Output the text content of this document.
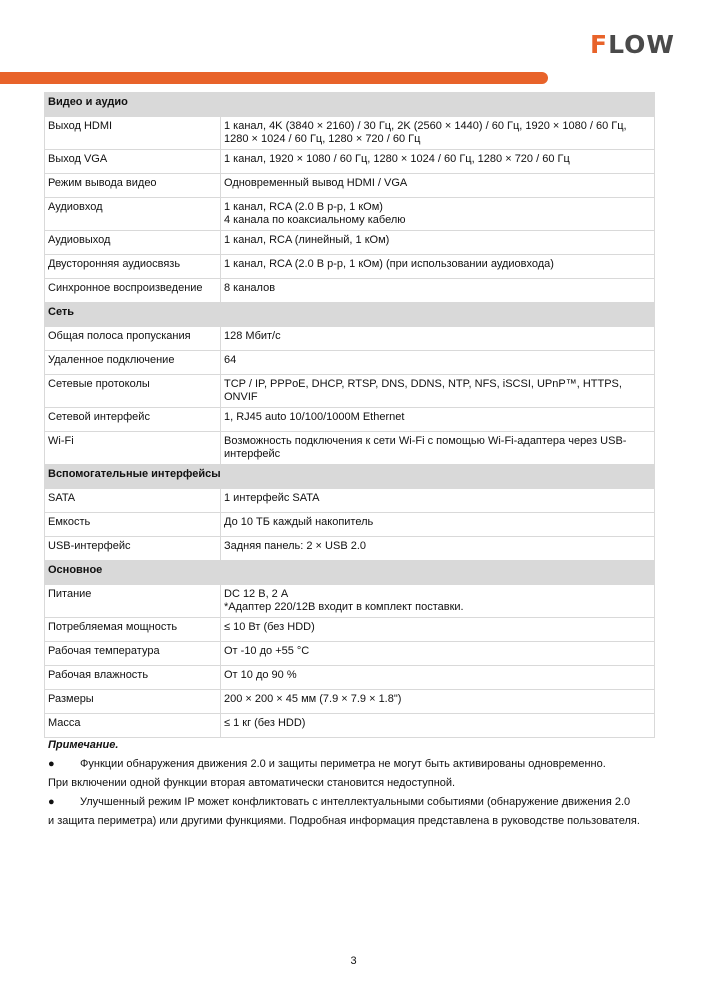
FLOW
Видео и аудио	
Выход HDMI	1 канал, 4K (3840 × 2160) / 30 Гц, 2K (2560 × 1440) / 60 Гц, 1920 × 1080 / 60 Гц,
1280 × 1024 / 60 Гц, 1280 × 720 / 60 Гц

Выход VGA	1 канал, 1920 × 1080 / 60 Гц, 1280 × 1024 / 60 Гц, 1280 × 720 / 60 Гц

Режим вывода видео	Одновременный вывод HDMI / VGA

Аудиовход	1 канал, RCA (2.0 В p-p, 1 кОм)
4 канала по коаксиальному кабелю

Аудиовыход	1 канал, RCA (линейный, 1 кОм)

Двусторонняя аудиосвязь	1 канал, RCA (2.0 В p-p, 1 кОм) (при использовании аудиовхода)

Синхронное воспроизведение	8 каналов

Сеть	
Общая полоса пропускания	128 Мбит/с

Удаленное подключение	64

Сетевые протоколы	TCP / IP, PPPoE, DHCP, RTSP, DNS, DDNS, NTP, NFS, iSCSI, UPnP™, HTTPS,
ONVIF

Сетевой интерфейс	1, RJ45 auto 10/100/1000M Ethernet

Wi-Fi	Возможность подключения к сети Wi-Fi с помощью Wi-Fi-адаптера через USB-
интерфейс

Вспомогательные интерфейсы	
SATA	1 интерфейс SATA

Емкость	До 10 ТБ каждый накопитель

USB-интерфейс	Задняя панель: 2 × USB 2.0

Основное	
Питание	DC 12 В, 2 А
*Адаптер 220/12В входит в комплект поставки.

Потребляемая мощность	≤ 10 Вт (без HDD)

Рабочая температура	От -10 до +55 °C

Рабочая влажность	От 10 до 90 %

Размеры	200 × 200 × 45 мм (7.9 × 7.9 × 1.8")

Масса	≤ 1 кг (без HDD)
Примечание.
●	Функции обнаружения движения 2.0 и защиты периметра не могут быть активированы одновременно.
При включении одной функции вторая автоматически становится недоступной.
●	Улучшенный режим IP может конфликтовать с интеллектуальными событиями (обнаружение движения 2.0
и защита периметра) или другими функциями. Подробная информация представлена в руководстве пользователя.
3
